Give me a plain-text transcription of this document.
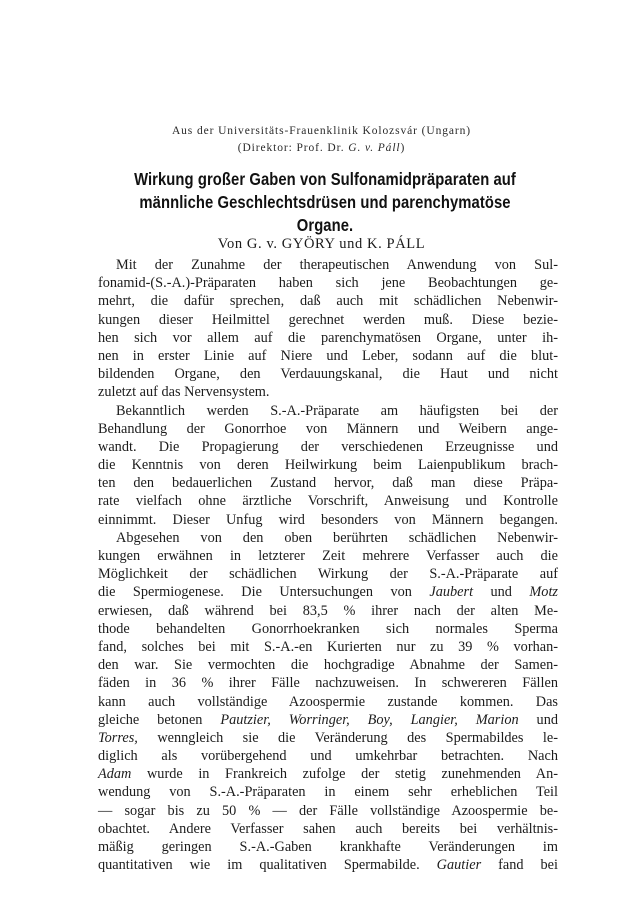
Aus der Universitäts-Frauenklinik Kolozsvár (Ungarn)
(Direktor: Prof. Dr. G. v. Páll)
Wirkung großer Gaben von Sulfonamidpräparaten auf
männliche Geschlechtsdrüsen und parenchymatöse
Organe.
Von G. v. GYÖRY und K. PÁLL
Mit der Zunahme der therapeutischen Anwendung von Sul-
fonamid-(S.-A.)-Präparaten haben sich jene Beobachtungen ge-
mehrt, die dafür sprechen, daß auch mit schädlichen Nebenwir-
kungen dieser Heilmittel gerechnet werden muß. Diese bezie-
hen sich vor allem auf die parenchymatösen Organe, unter ih-
nen in erster Linie auf Niere und Leber, sodann auf die blut-
bildenden Organe, den Verdauungskanal, die Haut und nicht
zuletzt auf das Nervensystem.
Bekanntlich werden S.-A.-Präparate am häufigsten bei der
Behandlung der Gonorrhoe von Männern und Weibern ange-
wandt. Die Propagierung der verschiedenen Erzeugnisse und
die Kenntnis von deren Heilwirkung beim Laienpublikum brach-
ten den bedauerlichen Zustand hervor, daß man diese Präpa-
rate vielfach ohne ärztliche Vorschrift, Anweisung und Kontrolle
einnimmt. Dieser Unfug wird besonders von Männern begangen.
Abgesehen von den oben berührten schädlichen Nebenwir-
kungen erwähnen in letzterer Zeit mehrere Verfasser auch die
Möglichkeit der schädlichen Wirkung der S.-A.-Präparate auf
die Spermiogenese. Die Untersuchungen von Jaubert und Motz
erwiesen, daß während bei 83,5 % ihrer nach der alten Me-
thode behandelten Gonorrhoekranken sich normales Sperma
fand, solches bei mit S.-A.-en Kurierten nur zu 39 % vorhan-
den war. Sie vermochten die hochgradige Abnahme der Samen-
fäden in 36 % ihrer Fälle nachzuweisen. In schwereren Fällen
kann auch vollständige Azoospermie zustande kommen. Das
gleiche betonen Pautzier, Worringer, Boy, Langier, Marion und
Torres, wenngleich sie die Veränderung des Spermabildes le-
diglich als vorübergehend und umkehrbar betrachten. Nach
Adam wurde in Frankreich zufolge der stetig zunehmenden An-
wendung von S.-A.-Präparaten in einem sehr erheblichen Teil
— sogar bis zu 50 % — der Fälle vollständige Azoospermie be-
obachtet. Andere Verfasser sahen auch bereits bei verhältnis-
mäßig geringen S.-A.-Gaben krankhafte Veränderungen im
quantitativen wie im qualitativen Spermabilde. Gautier fand bei
